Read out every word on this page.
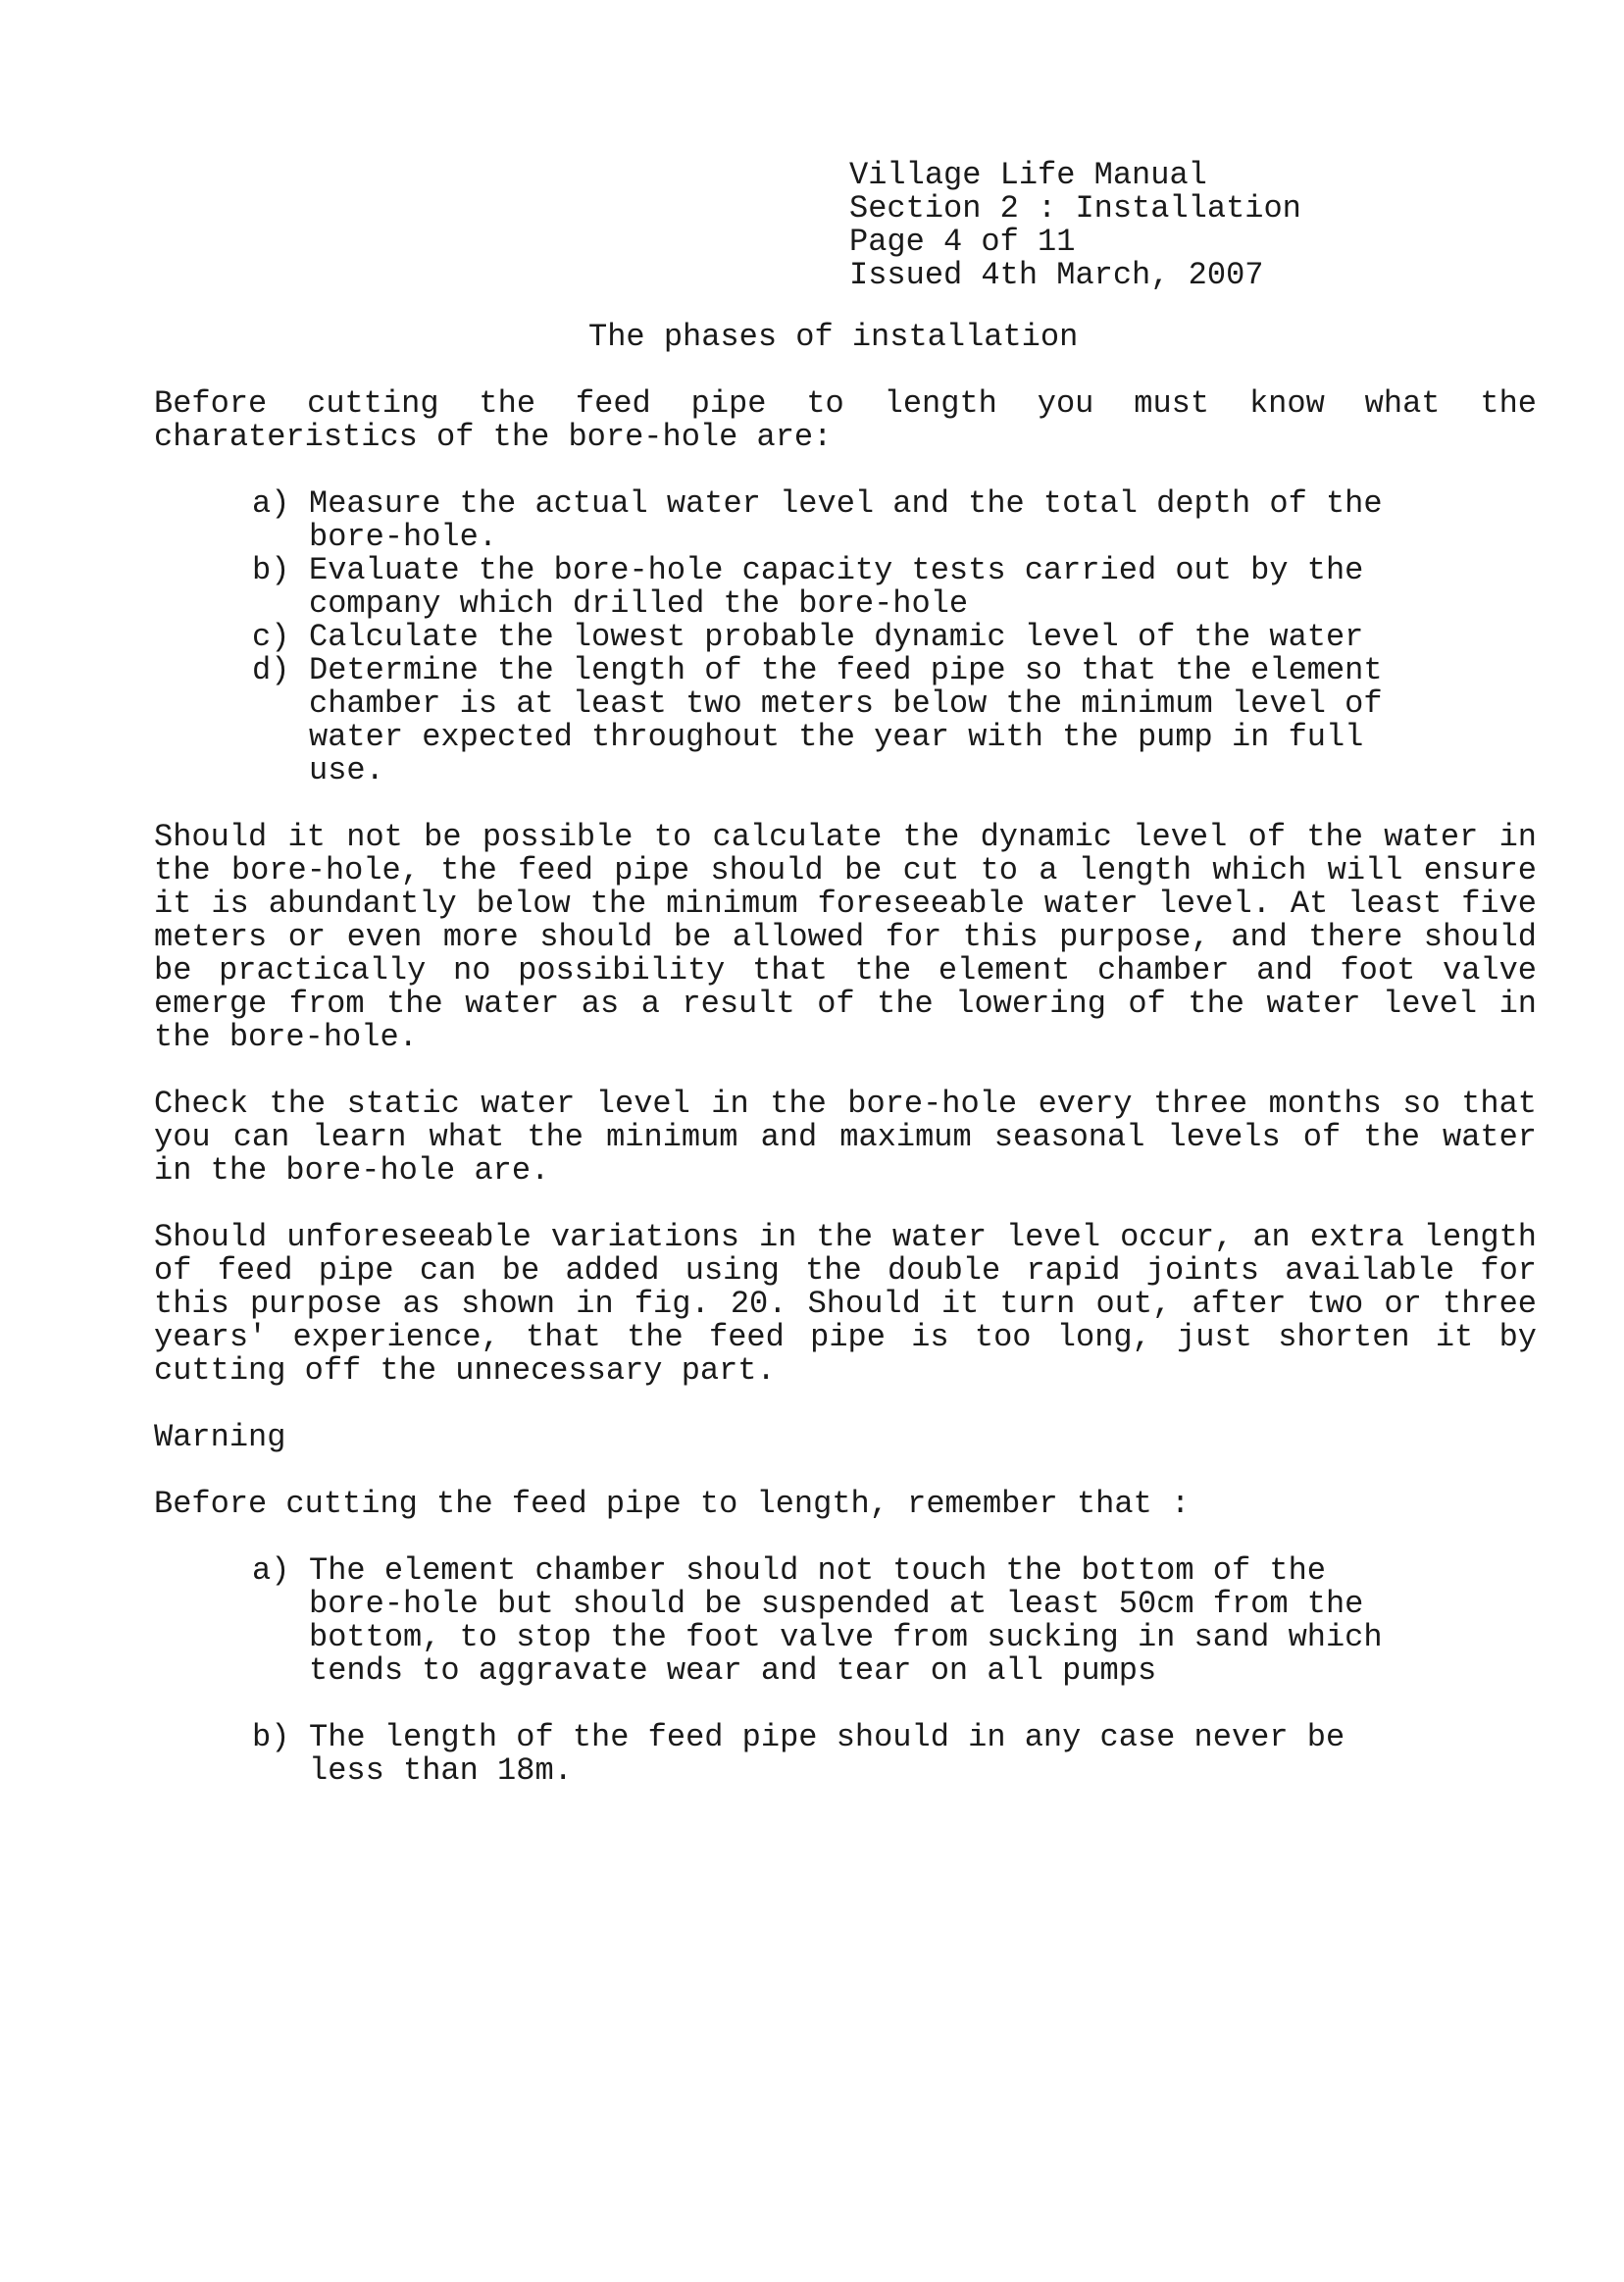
Village Life Manual
Section 2 : Installation
Page 4 of 11
Issued 4th March, 2007
The phases of installation

Before cutting the feed pipe to length you must know what the charateristics of the bore-hole are:

a) Measure the actual water level and the total depth of the bore-hole.
b) Evaluate the bore-hole capacity tests carried out by the company which drilled the bore-hole
c) Calculate the lowest probable dynamic level of the water
d) Determine the length of the feed pipe so that the element chamber is at least two meters below the minimum level of water expected throughout the year with the pump in full use.

Should it not be possible to calculate the dynamic level of the water in the bore-hole, the feed pipe should be cut to a length which will ensure it is abundantly below the minimum foreseeable water level. At least five meters or even more should be allowed for this purpose, and there should be practically no possibility that the element chamber and foot valve emerge from the water as a result of the lowering of the water level in the bore-hole.

Check the static water level in the bore-hole every three months so that you can learn what the minimum and maximum seasonal levels of the water in the bore-hole are.

Should unforeseeable variations in the water level occur, an extra length of feed pipe can be added using the double rapid joints available for this purpose as shown in fig. 20. Should it turn out, after two or three years' experience, that the feed pipe is too long, just shorten it by cutting off the unnecessary part.

Warning

Before cutting the feed pipe to length, remember that :

a) The element chamber should not touch the bottom of the bore-hole but should be suspended at least 50cm from the bottom, to stop the foot valve from sucking in sand which tends to aggravate wear and tear on all pumps
b) The length of the feed pipe should in any case never be less than 18m.
